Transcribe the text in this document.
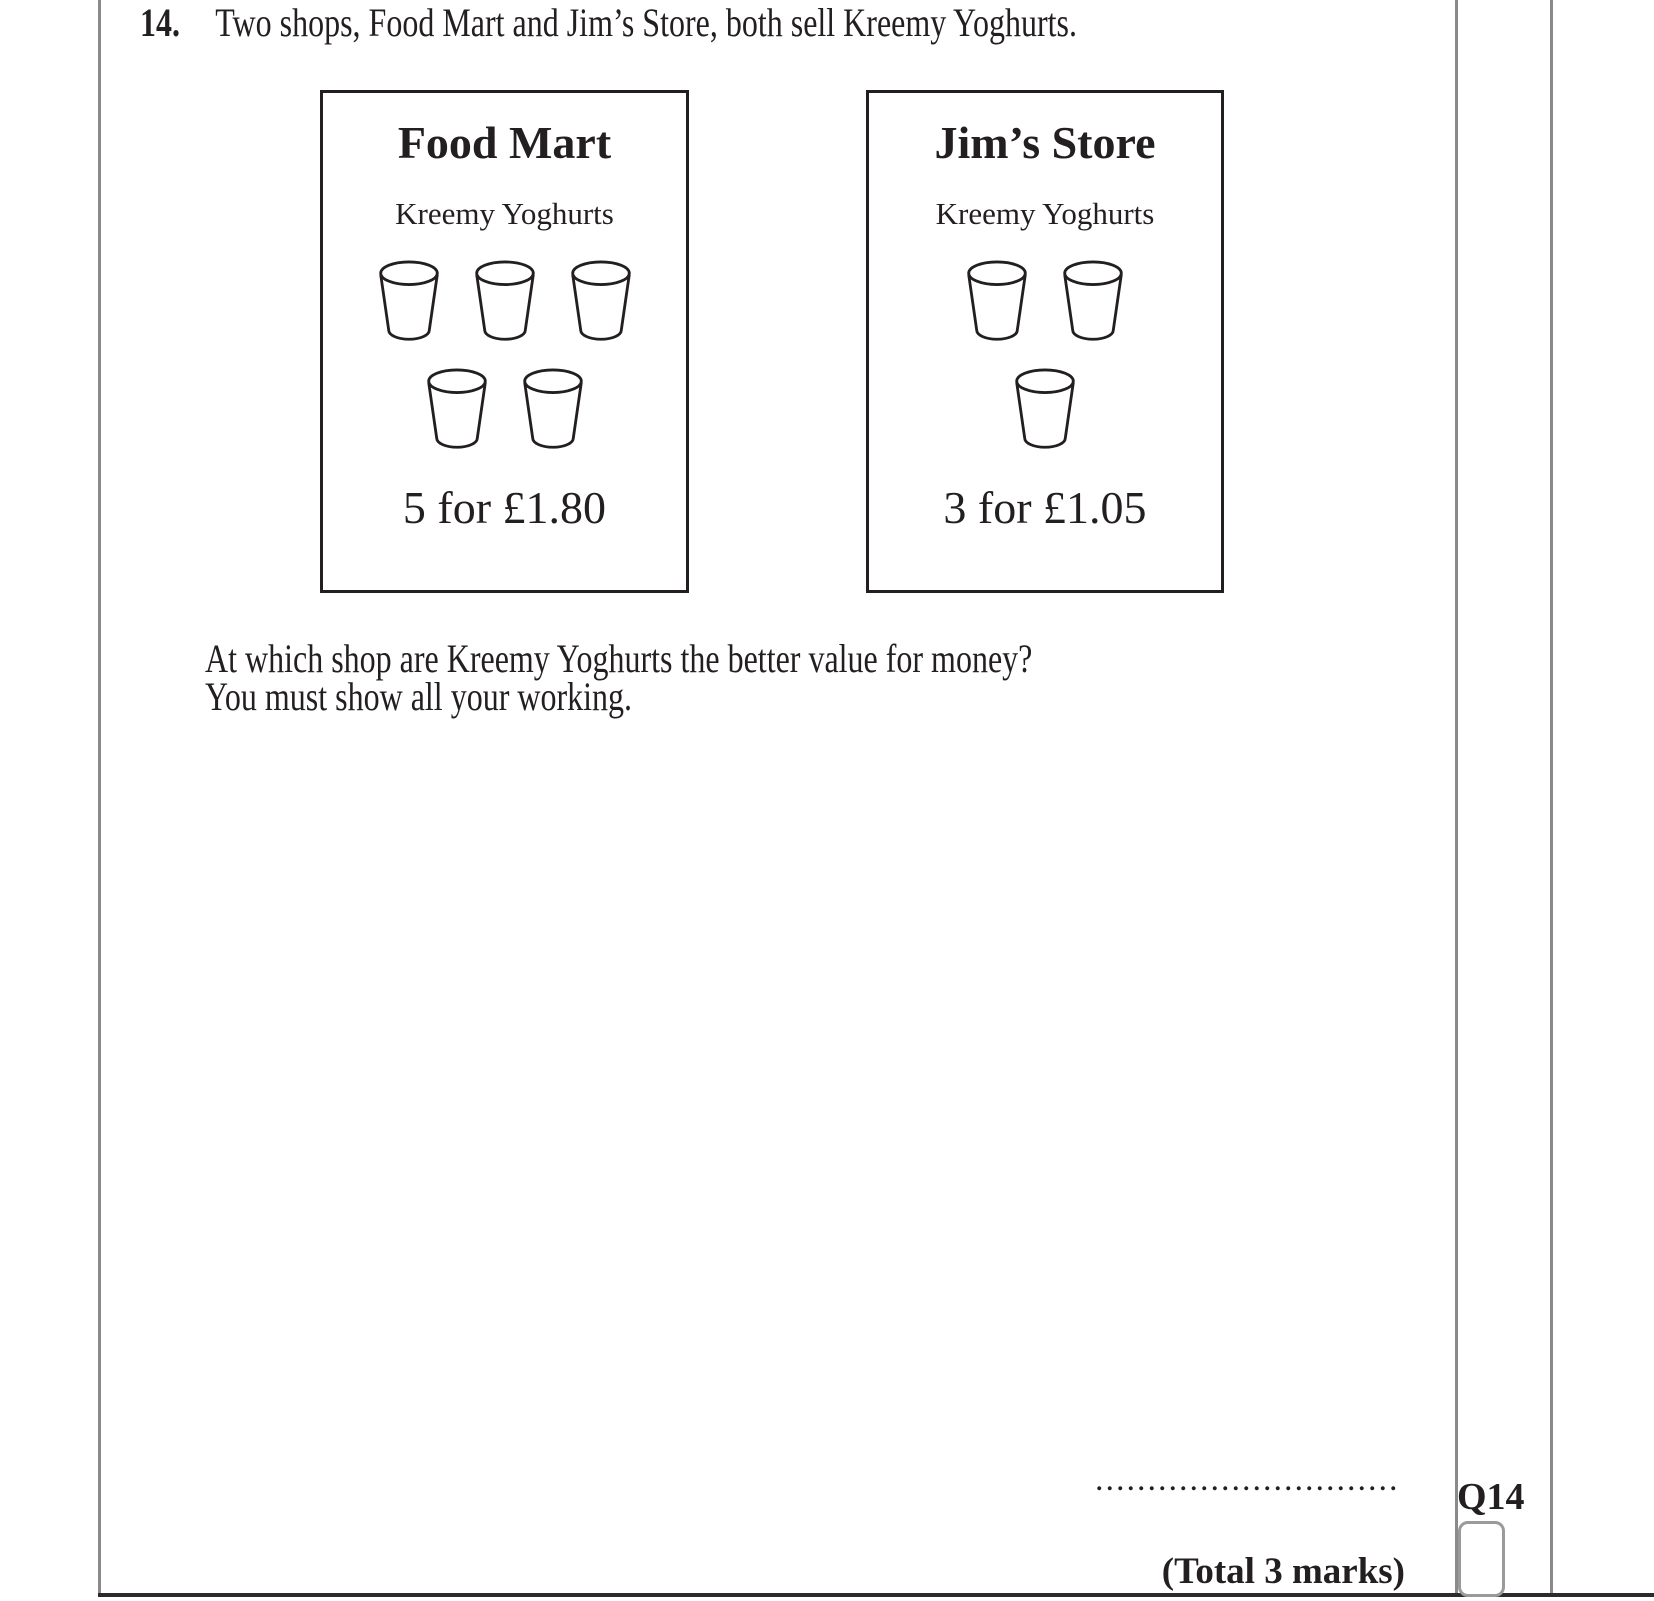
14. Two shops, Food Mart and Jim’s Store, both sell Kreemy Yoghurts.
Food Mart
Kreemy Yoghurts
5 for £1.80
Jim’s Store
Kreemy Yoghurts
3 for £1.05
At which shop are Kreemy Yoghurts the better value for money?
You must show all your working.
............................. Q14
(Total 3 marks)
